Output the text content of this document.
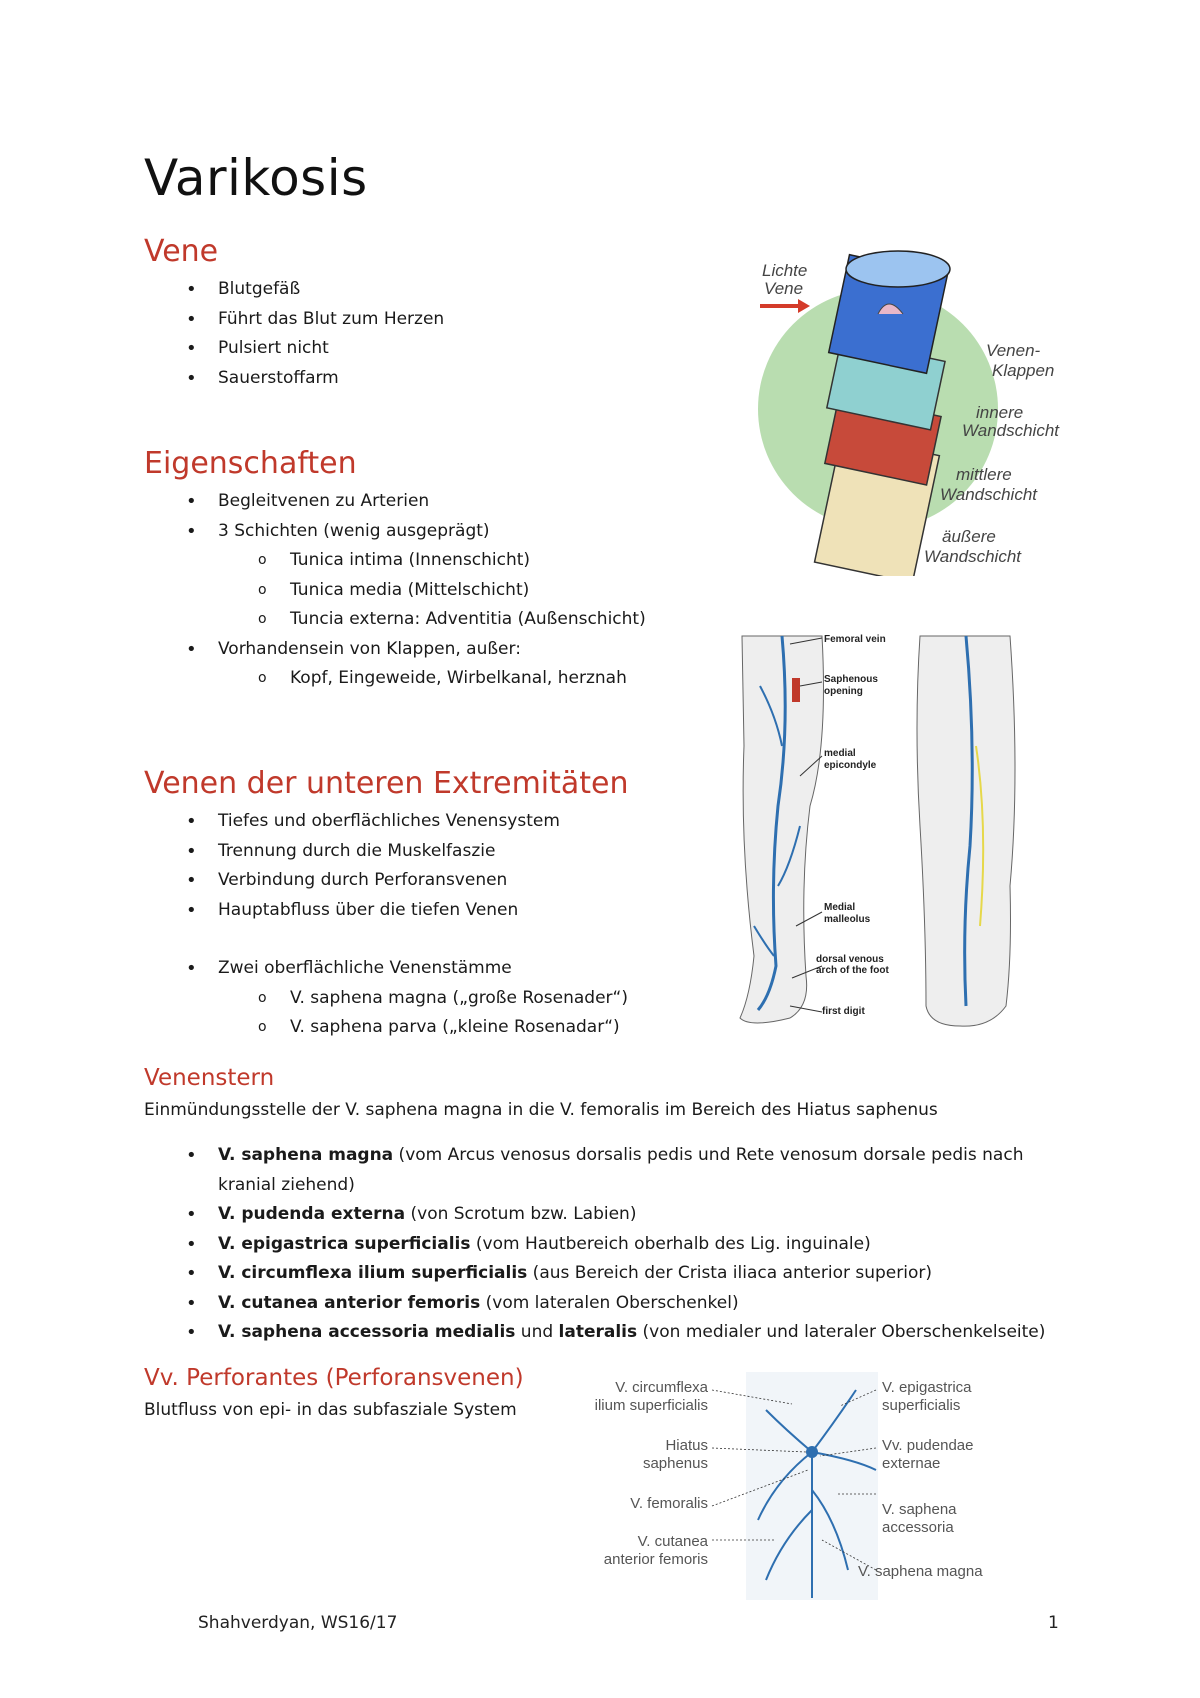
Varikosis
Vene
• Blutgefäß
• Führt das Blut zum Herzen
• Pulsiert nicht
• Sauerstoffarm
Eigenschaften
• Begleitvenen zu Arterien
• 3 Schichten (wenig ausgeprägt)
o Tunica intima (Innenschicht)
o Tunica media (Mittelschicht)
o Tuncia externa: Adventitia (Außenschicht)
• Vorhandensein von Klappen, außer:
o Kopf, Eingeweide, Wirbelkanal, herznah
Venen der unteren Extremitäten
• Tiefes und oberflächliches Venensystem
• Trennung durch die Muskelfaszie
• Verbindung durch Perforansvenen
• Hauptabfluss über die tiefen Venen
• Zwei oberflächliche Venenstämme
o V. saphena magna („große Rosenader“)
o V. saphena parva („kleine Rosenadar“)
Venenstern
Einmündungsstelle der V. saphena magna in die V. femoralis im Bereich des Hiatus saphenus
• V. saphena magna (vom Arcus venosus dorsalis pedis und Rete venosum dorsale pedis nach kranial ziehend)
• V. pudenda externa (von Scrotum bzw. Labien)
• V. epigastrica superficialis (vom Hautbereich oberhalb des Lig. inguinale)
• V. circumflexa ilium superficialis (aus Bereich der Crista iliaca anterior superior)
• V. cutanea anterior femoris (vom lateralen Oberschenkel)
• V. saphena accessoria medialis und lateralis (von medialer und lateraler Oberschenkelseite)
Vv. Perforantes (Perforansvenen)
Blutfluss von epi- in das subfasziale System
Lichte
Vene
Venen-
Klappen
innere
Wandschicht
mittlere
Wandschicht
äußere
Wandschicht
Femoral vein
Saphenous
opening
medial
epicondyle
Medial
malleolus
dorsal venous
arch of the foot
first digit
V. circumflexa
ilium superficialis
Hiatus
saphenus
V. femoralis
V. cutanea
anterior femoris
V. epigastrica
superficialis
Vv. pudendae
externae
V. saphena
accessoria
V. saphena magna
Shahverdyan, WS16/17	1
